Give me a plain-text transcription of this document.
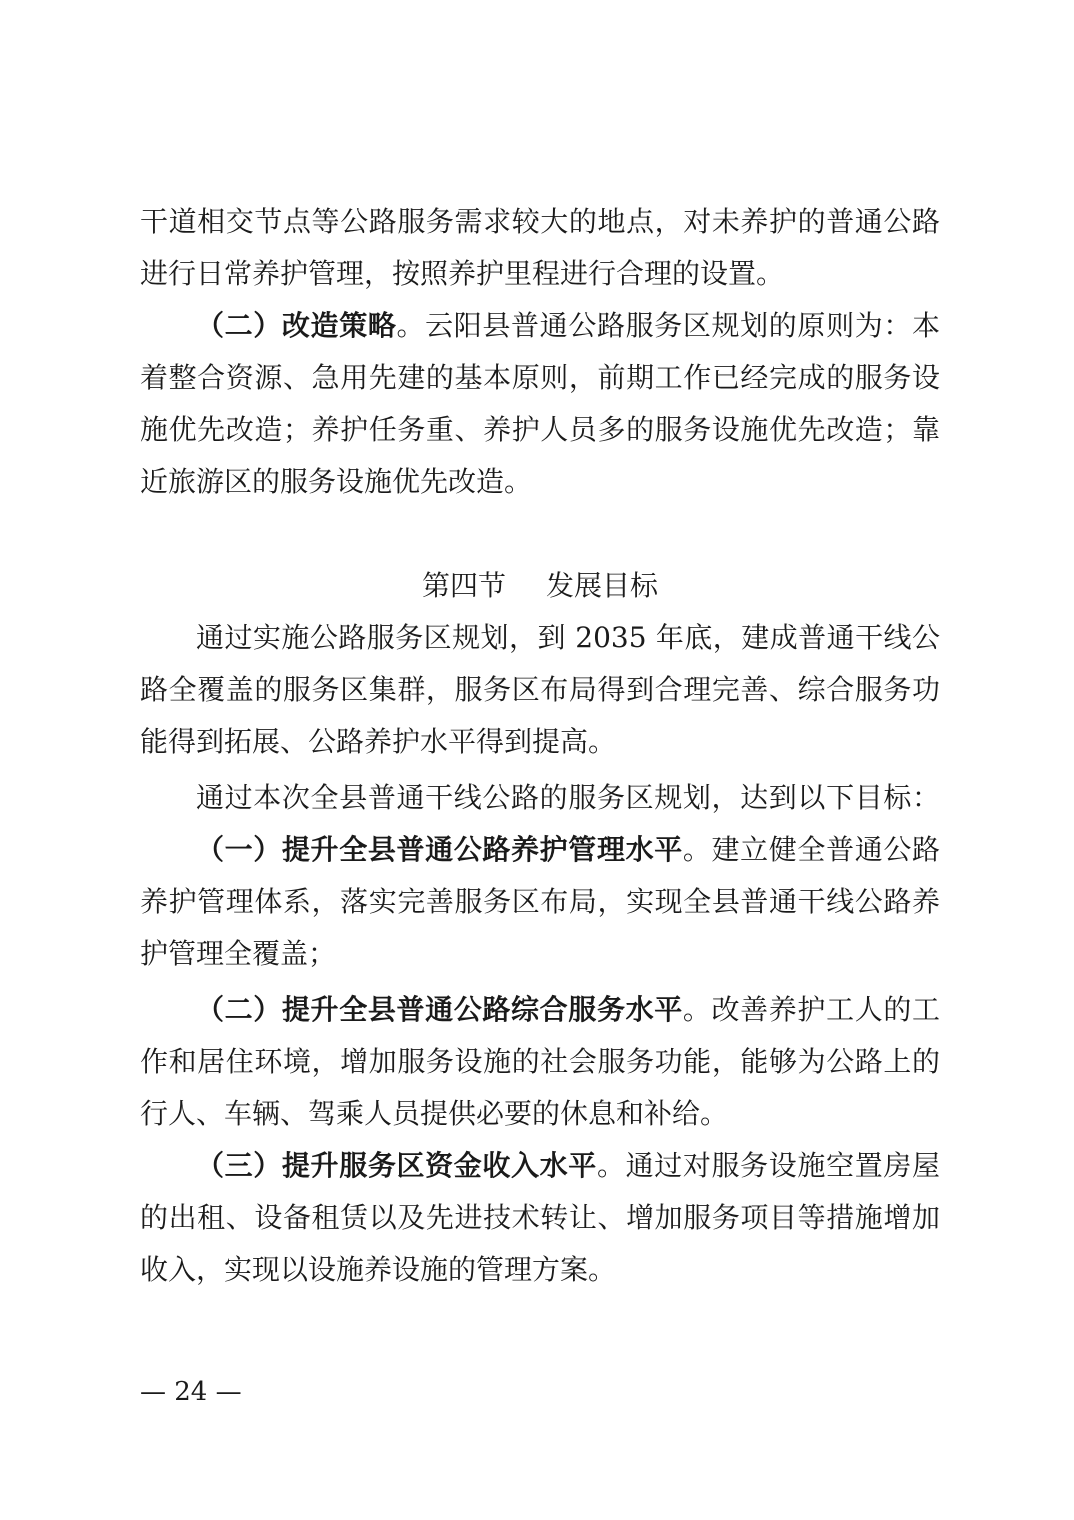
干道相交节点等公路服务需求较大的地点，对未养护的普通公路
进行日常养护管理，按照养护里程进行合理的设置。
（二）改造策略。云阳县普通公路服务区规划的原则为：本
着整合资源、急用先建的基本原则，前期工作已经完成的服务设
施优先改造；养护任务重、养护人员多的服务设施优先改造；靠
近旅游区的服务设施优先改造。
第四节 发展目标
通过实施公路服务区规划，到 2035 年底，建成普通干线公
路全覆盖的服务区集群，服务区布局得到合理完善、综合服务功
能得到拓展、公路养护水平得到提高。
通过本次全县普通干线公路的服务区规划，达到以下目标：
（一）提升全县普通公路养护管理水平。建立健全普通公路
养护管理体系，落实完善服务区布局，实现全县普通干线公路养
护管理全覆盖；
（二）提升全县普通公路综合服务水平。改善养护工人的工
作和居住环境，增加服务设施的社会服务功能，能够为公路上的
行人、车辆、驾乘人员提供必要的休息和补给。
（三）提升服务区资金收入水平。通过对服务设施空置房屋
的出租、设备租赁以及先进技术转让、增加服务项目等措施增加
收入，实现以设施养设施的管理方案。
— 24 —
